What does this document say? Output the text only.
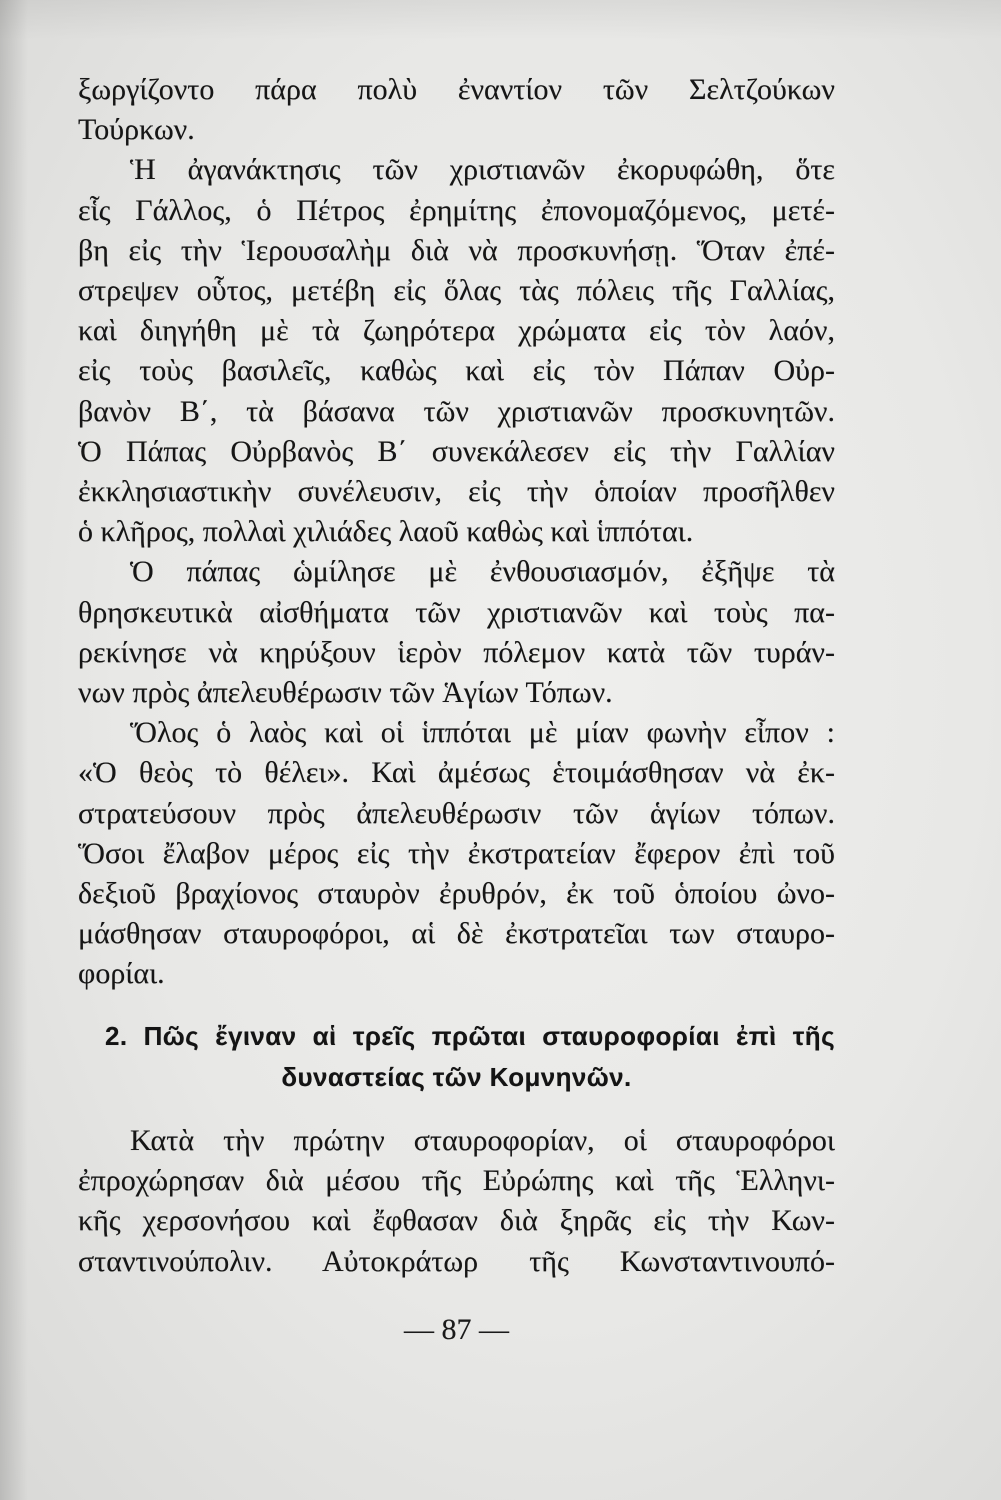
ξωργίζοντο πάρα πολὺ ἐναντίον τῶν Σελτζούκων
Τούρκων.
Ἡ ἀγανάκτησις τῶν χριστιανῶν ἐκορυφώθη, ὅτε
εἷς Γάλλος, ὁ Πέτρος ἐρημίτης ἐπονομαζόμενος, μετέ-
βη εἰς τὴν Ἱερουσαλὴμ διὰ νὰ προσκυνήσῃ. Ὅταν ἐπέ-
στρεψεν οὗτος, μετέβη εἰς ὅλας τὰς πόλεις τῆς Γαλλίας,
καὶ διηγήθη μὲ τὰ ζωηρότερα χρώματα εἰς τὸν λαόν,
εἰς τοὺς βασιλεῖς, καθὼς καὶ εἰς τὸν Πάπαν Οὐρ-
βανὸν Β΄, τὰ βάσανα τῶν χριστιανῶν προσκυνητῶν.
Ὁ Πάπας Οὐρβανὸς Β΄ συνεκάλεσεν εἰς τὴν Γαλλίαν
ἐκκλησιαστικὴν συνέλευσιν, εἰς τὴν ὁποίαν προσῆλθεν
ὁ κλῆρος, πολλαὶ χιλιάδες λαοῦ καθὼς καὶ ἱππόται.
Ὁ πάπας ὡμίλησε μὲ ἐνθουσιασμόν, ἐξῆψε τὰ
θρησκευτικὰ αἰσθήματα τῶν χριστιανῶν καὶ τοὺς πα-
ρεκίνησε νὰ κηρύξουν ἱερὸν πόλεμον κατὰ τῶν τυράν-
νων πρὸς ἀπελευθέρωσιν τῶν Ἁγίων Τόπων.
Ὅλος ὁ λαὸς καὶ οἱ ἱππόται μὲ μίαν φωνὴν εἶπον :
«Ὁ θεὸς τὸ θέλει». Καὶ ἀμέσως ἑτοιμάσθησαν νὰ ἐκ-
στρατεύσουν πρὸς ἀπελευθέρωσιν τῶν ἁγίων τόπων.
Ὅσοι ἔλαβον μέρος εἰς τὴν ἐκστρατείαν ἔφερον ἐπὶ τοῦ
δεξιοῦ βραχίονος σταυρὸν ἐρυθρόν, ἐκ τοῦ ὁποίου ὠνο-
μάσθησαν σταυροφόροι, αἱ δὲ ἐκστρατεῖαι των σταυρο-
φορίαι.
2. Πῶς ἔγιναν αἱ τρεῖς πρῶται σταυροφορίαι ἐπὶ τῆς
δυναστείας τῶν Κομνηνῶν.
Κατὰ τὴν πρώτην σταυροφορίαν, οἱ σταυροφόροι
ἐπροχώρησαν διὰ μέσου τῆς Εὐρώπης καὶ τῆς Ἑλληνι-
κῆς χερσονήσου καὶ ἔφθασαν διὰ ξηρᾶς εἰς τὴν Κων-
σταντινούπολιν. Αὐτοκράτωρ τῆς Κωνσταντινουπό-
— 87 —
